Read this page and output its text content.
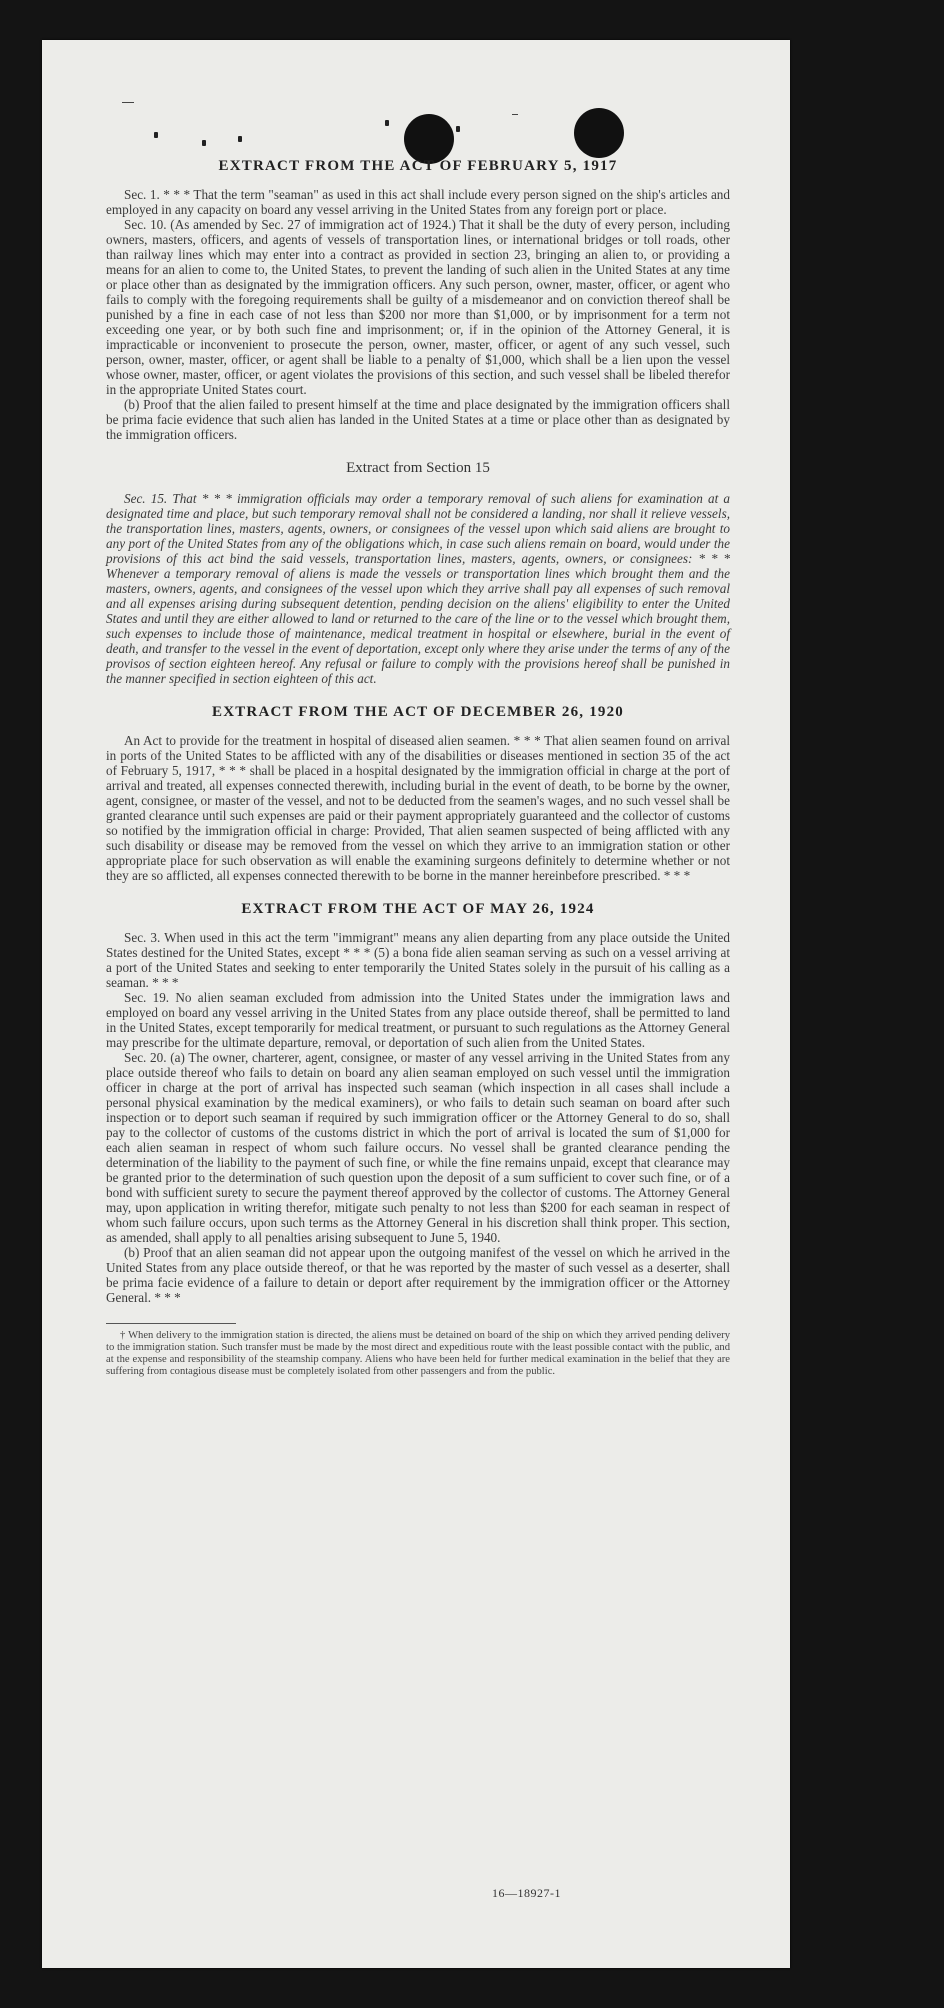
EXTRACT FROM THE ACT OF FEBRUARY 5, 1917

Sec. 1. * * * That the term "seaman" as used in this act shall include every person signed on the ship's articles and employed in any capacity on board any vessel arriving in the United States from any foreign port or place.

Sec. 10. (As amended by Sec. 27 of immigration act of 1924.) That it shall be the duty of every person, including owners, masters, officers, and agents of vessels of transportation lines, or international bridges or toll roads, other than railway lines which may enter into a contract as provided in section 23, bringing an alien to, or providing a means for an alien to come to, the United States, to prevent the landing of such alien in the United States at any time or place other than as designated by the immigration officers. Any such person, owner, master, officer, or agent who fails to comply with the foregoing requirements shall be guilty of a misdemeanor and on conviction thereof shall be punished by a fine in each case of not less than $200 nor more than $1,000, or by imprisonment for a term not exceeding one year, or by both such fine and imprisonment; or, if in the opinion of the Attorney General, it is impracticable or inconvenient to prosecute the person, owner, master, officer, or agent of any such vessel, such person, owner, master, officer, or agent shall be liable to a penalty of $1,000, which shall be a lien upon the vessel whose owner, master, officer, or agent violates the provisions of this section, and such vessel shall be libeled therefor in the appropriate United States court.

(b) Proof that the alien failed to present himself at the time and place designated by the immigration officers shall be prima facie evidence that such alien has landed in the United States at a time or place other than as designated by the immigration officers.

Extract from Section 15

Sec. 15. That * * * immigration officials may order a temporary removal of such aliens for examination at a designated time and place, but such temporary removal shall not be considered a landing, nor shall it relieve vessels, the transportation lines, masters, agents, owners, or consignees of the vessel upon which said aliens are brought to any port of the United States from any of the obligations which, in case such aliens remain on board, would under the provisions of this act bind the said vessels, transportation lines, masters, agents, owners, or consignees: * * * Whenever a temporary removal of aliens is made the vessels or transportation lines which brought them and the masters, owners, agents, and consignees of the vessel upon which they arrive shall pay all expenses of such removal and all expenses arising during subsequent detention, pending decision on the aliens' eligibility to enter the United States and until they are either allowed to land or returned to the care of the line or to the vessel which brought them, such expenses to include those of maintenance, medical treatment in hospital or elsewhere, burial in the event of death, and transfer to the vessel in the event of deportation, except only where they arise under the terms of any of the provisos of section eighteen hereof. Any refusal or failure to comply with the provisions hereof shall be punished in the manner specified in section eighteen of this act.

EXTRACT FROM THE ACT OF DECEMBER 26, 1920

An Act to provide for the treatment in hospital of diseased alien seamen. * * * That alien seamen found on arrival in ports of the United States to be afflicted with any of the disabilities or diseases mentioned in section 35 of the act of February 5, 1917, * * * shall be placed in a hospital designated by the immigration official in charge at the port of arrival and treated, all expenses connected therewith, including burial in the event of death, to be borne by the owner, agent, consignee, or master of the vessel, and not to be deducted from the seamen's wages, and no such vessel shall be granted clearance until such expenses are paid or their payment appropriately guaranteed and the collector of customs so notified by the immigration official in charge: Provided, That alien seamen suspected of being afflicted with any such disability or disease may be removed from the vessel on which they arrive to an immigration station or other appropriate place for such observation as will enable the examining surgeons definitely to determine whether or not they are so afflicted, all expenses connected therewith to be borne in the manner hereinbefore prescribed. * * *

EXTRACT FROM THE ACT OF MAY 26, 1924

Sec. 3. When used in this act the term "immigrant" means any alien departing from any place outside the United States destined for the United States, except * * * (5) a bona fide alien seaman serving as such on a vessel arriving at a port of the United States and seeking to enter temporarily the United States solely in the pursuit of his calling as a seaman. * * *

Sec. 19. No alien seaman excluded from admission into the United States under the immigration laws and employed on board any vessel arriving in the United States from any place outside thereof, shall be permitted to land in the United States, except temporarily for medical treatment, or pursuant to such regulations as the Attorney General may prescribe for the ultimate departure, removal, or deportation of such alien from the United States.

Sec. 20. (a) The owner, charterer, agent, consignee, or master of any vessel arriving in the United States from any place outside thereof who fails to detain on board any alien seaman employed on such vessel until the immigration officer in charge at the port of arrival has inspected such seaman (which inspection in all cases shall include a personal physical examination by the medical examiners), or who fails to detain such seaman on board after such inspection or to deport such seaman if required by such immigration officer or the Attorney General to do so, shall pay to the collector of customs of the customs district in which the port of arrival is located the sum of $1,000 for each alien seaman in respect of whom such failure occurs. No vessel shall be granted clearance pending the determination of the liability to the payment of such fine, or while the fine remains unpaid, except that clearance may be granted prior to the determination of such question upon the deposit of a sum sufficient to cover such fine, or of a bond with sufficient surety to secure the payment thereof approved by the collector of customs. The Attorney General may, upon application in writing therefor, mitigate such penalty to not less than $200 for each seaman in respect of whom such failure occurs, upon such terms as the Attorney General in his discretion shall think proper. This section, as amended, shall apply to all penalties arising subsequent to June 5, 1940.

(b) Proof that an alien seaman did not appear upon the outgoing manifest of the vessel on which he arrived in the United States from any place outside thereof, or that he was reported by the master of such vessel as a deserter, shall be prima facie evidence of a failure to detain or deport after requirement by the immigration officer or the Attorney General. * * *

† When delivery to the immigration station is directed, the aliens must be detained on board of the ship on which they arrived pending delivery to the immigration station. Such transfer must be made by the most direct and expeditious route with the least possible contact with the public, and at the expense and responsibility of the steamship company. Aliens who have been held for further medical examination in the belief that they are suffering from contagious disease must be completely isolated from other passengers and from the public.

16—18927-1
